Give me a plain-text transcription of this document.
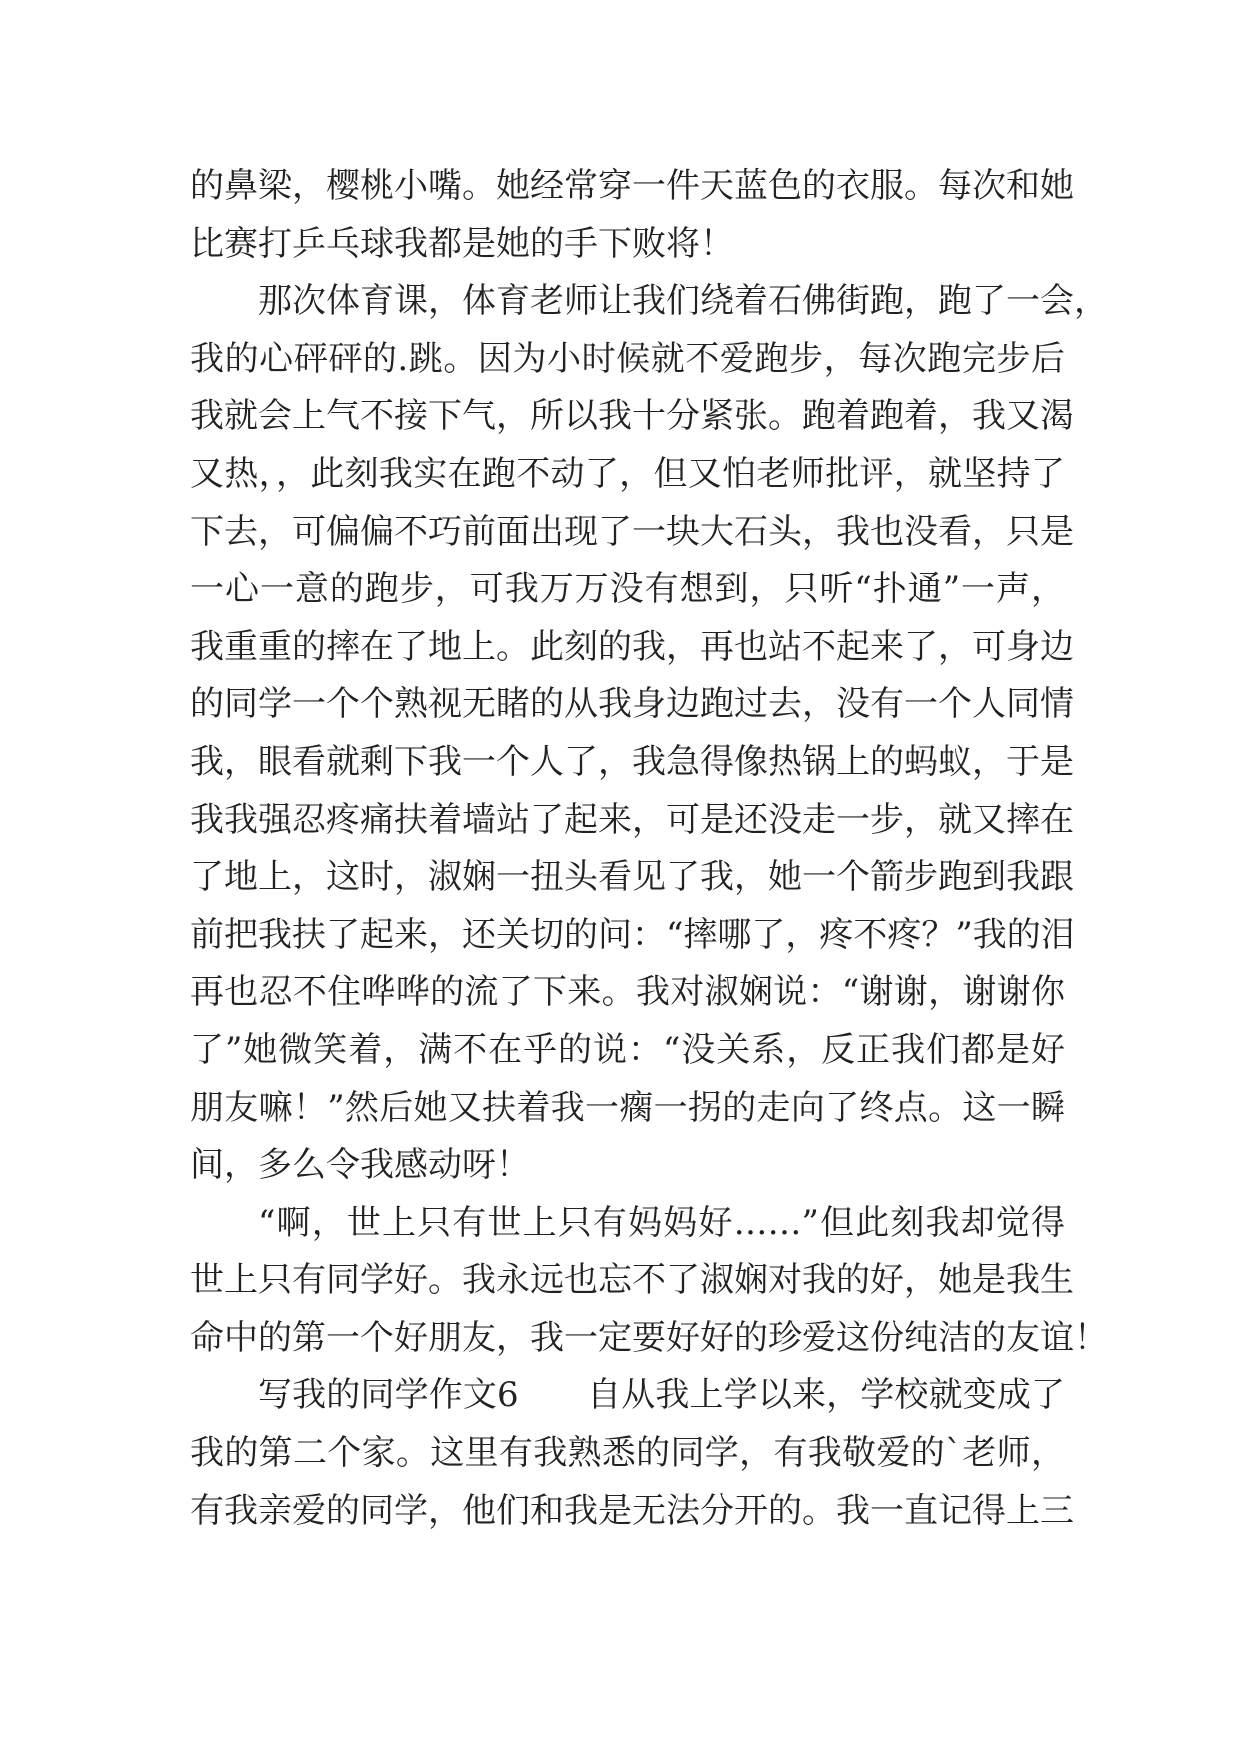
的鼻梁，樱桃小嘴。她经常穿一件天蓝色的衣服。每次和她
比赛打乒乓球我都是她的手下败将！
那次体育课，体育老师让我们绕着石佛街跑，跑了一会，
我的心砰砰的.跳。因为小时候就不爱跑步，每次跑完步后
我就会上气不接下气，所以我十分紧张。跑着跑着，我又渴
又热，，此刻我实在跑不动了，但又怕老师批评，就坚持了
下去，可偏偏不巧前面出现了一块大石头，我也没看，只是
一心一意的跑步，可我万万没有想到，只听“扑通”一声，
我重重的摔在了地上。此刻的我，再也站不起来了，可身边
的同学一个个熟视无睹的从我身边跑过去，没有一个人同情
我，眼看就剩下我一个人了，我急得像热锅上的蚂蚁，于是
我我强忍疼痛扶着墙站了起来，可是还没走一步，就又摔在
了地上，这时，淑娴一扭头看见了我，她一个箭步跑到我跟
前把我扶了起来，还关切的问：“摔哪了，疼不疼？”我的泪
再也忍不住哗哗的流了下来。我对淑娴说：“谢谢，谢谢你
了”她微笑着，满不在乎的说：“没关系，反正我们都是好
朋友嘛！”然后她又扶着我一瘸一拐的走向了终点。这一瞬
间，多么令我感动呀！
“啊，世上只有世上只有妈妈好……”但此刻我却觉得
世上只有同学好。我永远也忘不了淑娴对我的好，她是我生
命中的第一个好朋友，我一定要好好的珍爱这份纯洁的友谊！
写我的同学作文6　　自从我上学以来，学校就变成了
我的第二个家。这里有我熟悉的同学，有我敬爱的`老师，
有我亲爱的同学，他们和我是无法分开的。我一直记得上三
